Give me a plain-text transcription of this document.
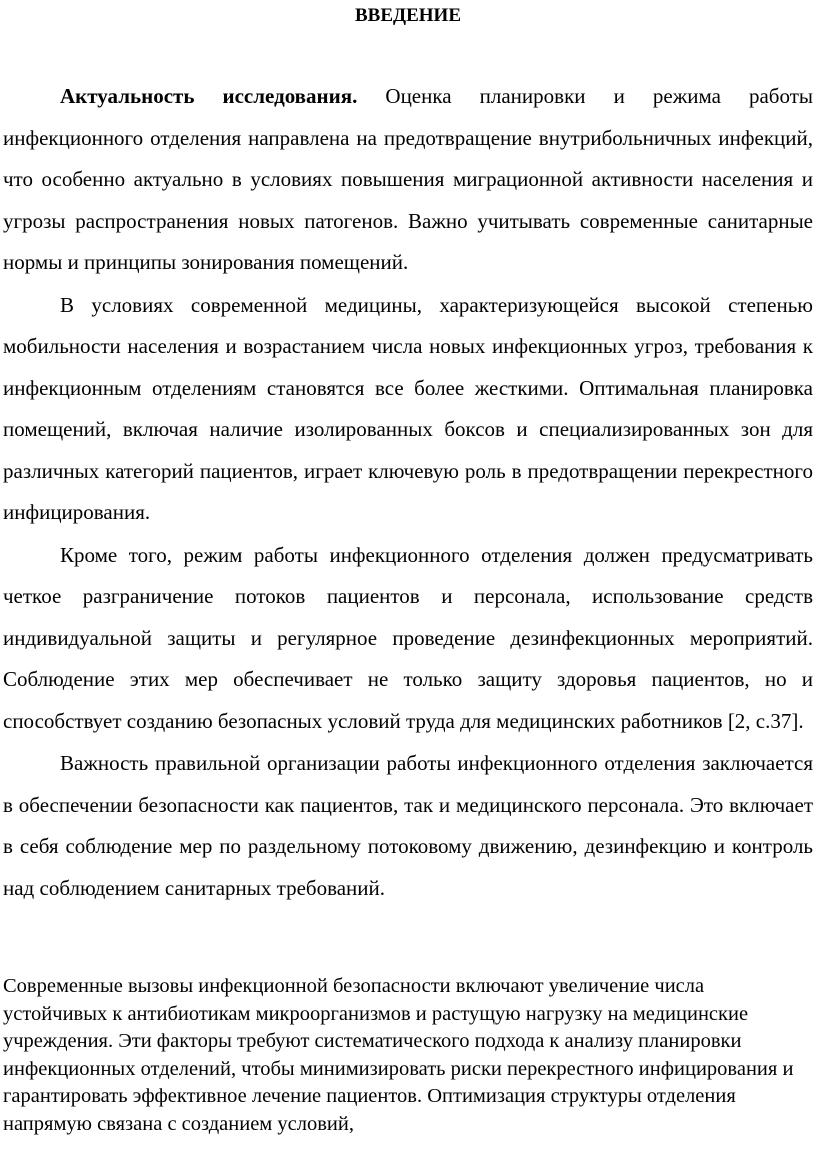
ВВЕДЕНИЕ

Актуальность исследования. Оценка планировки и режима работы инфекционного отделения направлена на предотвращение внутрибольничных инфекций, что особенно актуально в условиях повышения миграционной активности населения и угрозы распространения новых патогенов. Важно учитывать современные санитарные нормы и принципы зонирования помещений.

В условиях современной медицины, характеризующейся высокой степенью мобильности населения и возрастанием числа новых инфекционных угроз, требования к инфекционным отделениям становятся все более жесткими. Оптимальная планировка помещений, включая наличие изолированных боксов и специализированных зон для различных категорий пациентов, играет ключевую роль в предотвращении перекрестного инфицирования.

Кроме того, режим работы инфекционного отделения должен предусматривать четкое разграничение потоков пациентов и персонала, использование средств индивидуальной защиты и регулярное проведение дезинфекционных мероприятий. Соблюдение этих мер обеспечивает не только защиту здоровья пациентов, но и способствует созданию безопасных условий труда для медицинских работников [2, с.37].

Важность правильной организации работы инфекционного отделения заключается в обеспечении безопасности как пациентов, так и медицинского персонала. Это включает в себя соблюдение мер по раздельному потоковому движению, дезинфекцию и контроль над соблюдением санитарных требований.

Современные вызовы инфекционной безопасности включают увеличение числа устойчивых к антибиотикам микроорганизмов и растущую нагрузку на медицинские учреждения. Эти факторы требуют систематического подхода к анализу планировки инфекционных отделений, чтобы минимизировать риски перекрестного инфицирования и гарантировать эффективное лечение пациентов. Оптимизация структуры отделения напрямую связана с созданием условий,
